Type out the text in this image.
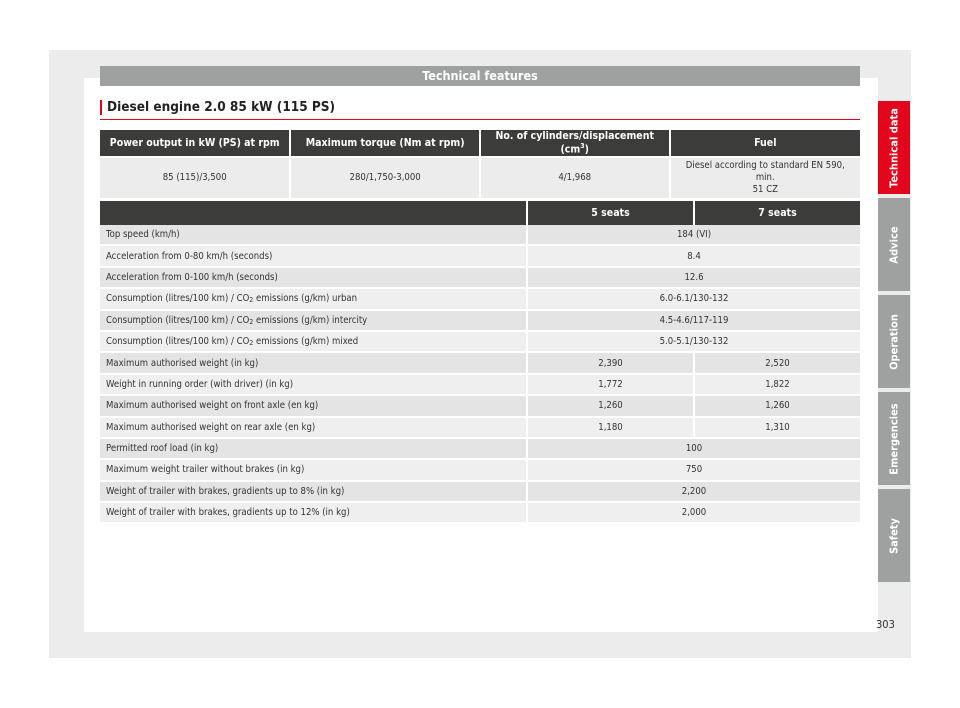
Technical features
Diesel engine 2.0 85 kW (115 PS)
Power output in kW (PS) at rpm	Maximum torque (Nm at rpm)	No. of cylinders/displacement $(cm^3)$	Fuel

85 (115)/3,500	280/1,750-3,000	4/1,968	Diesel according to standard EN 590, min.
51 CZ
	5 seats	7 seats
Top speed (km/h)	184 (VI)	
Acceleration from 0-80 km/h (seconds)	8.4	
Acceleration from 0-100 km/h (seconds)	12.6	
Consumption (litres/100 $km) / CO_2$ emissions (g/km) urban	6.0-6.1/130-132	
Consumption (litres/100 $km) / CO_2$ emissions (g/km) intercity	4.5-4.6/117-119	
Consumption (litres/100 $km) / CO_2$ emissions (g/km) mixed	5.0-5.1/130-132	
Maximum authorised weight (in kg)	2,390	2,520
Weight in running order (with driver) (in kg)	1,772	1,822
Maximum authorised weight on front axle (en kg)	1,260	1,260
Maximum authorised weight on rear axle (en kg)	1,180	1,310
Permitted roof load (in kg)	100	
Maximum weight trailer without brakes (in kg)	750	
Weight of trailer with brakes, gradients up to 8% (in kg)	2,200	
Weight of trailer with brakes, gradients up to 12% (in kg)	2,000	
Technical data
Advice
Operation
Emergencies
Safety
303
